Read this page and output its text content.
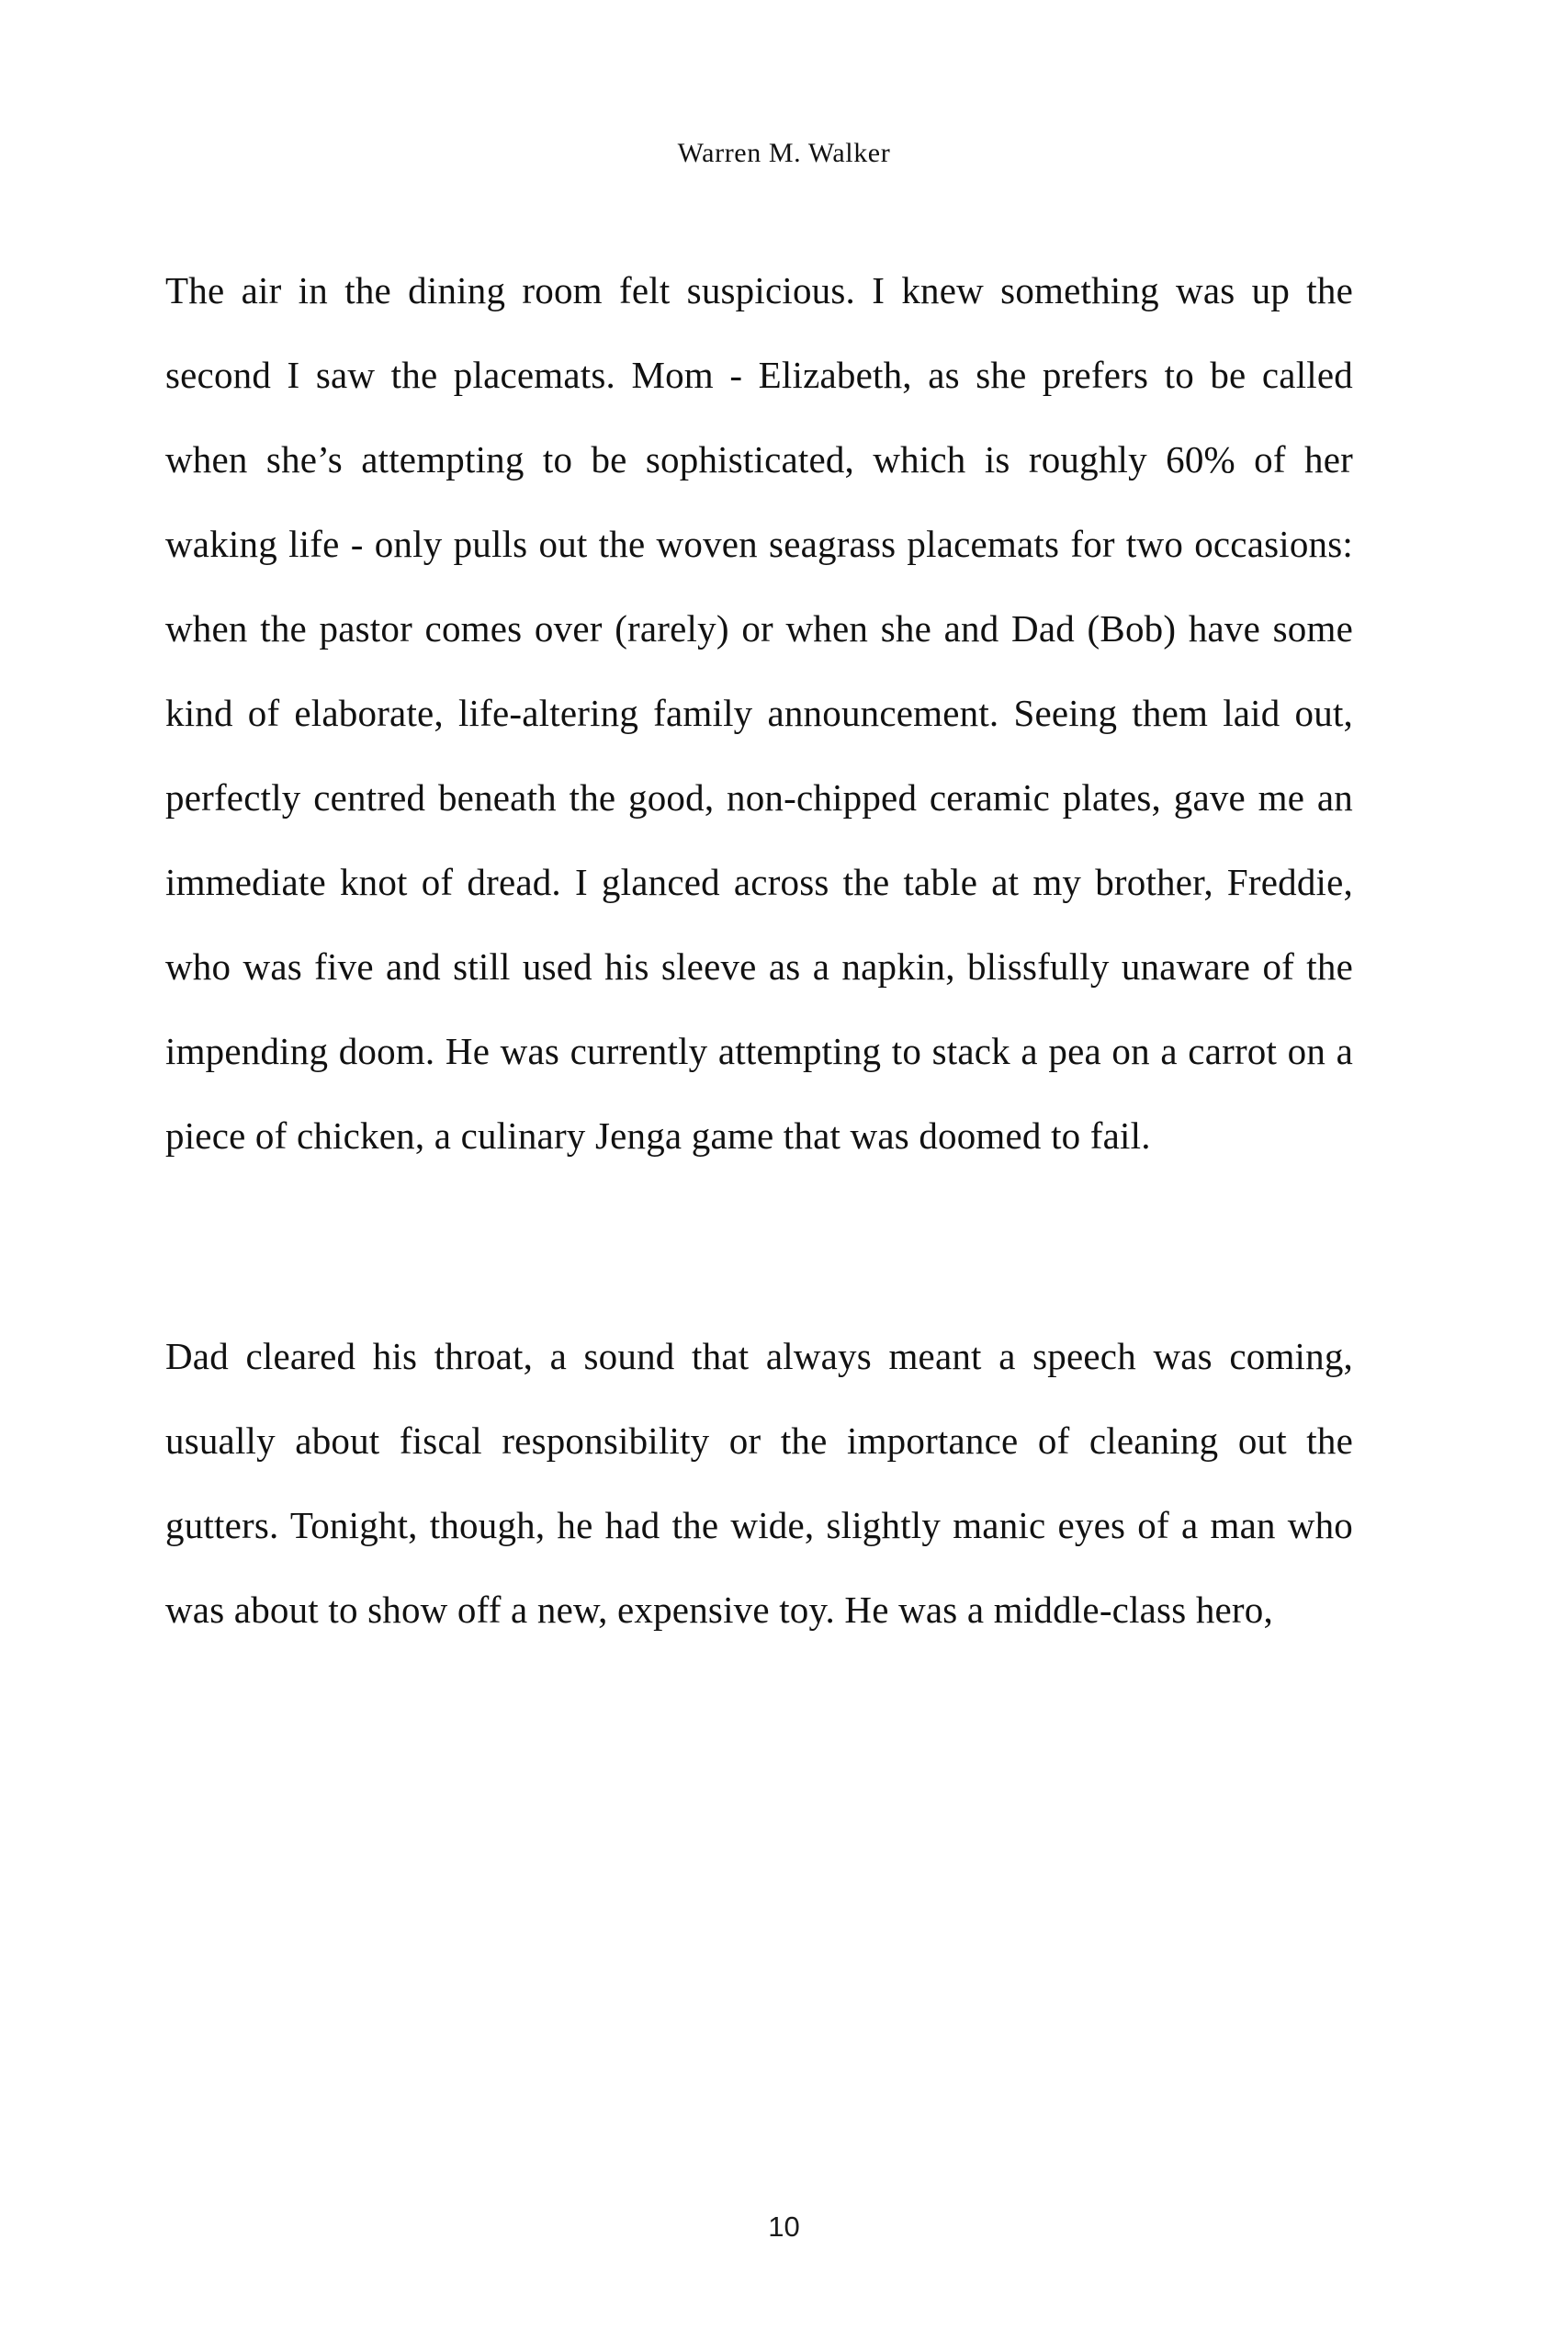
Warren M. Walker

The air in the dining room felt suspicious. I knew something was up the second I saw the placemats. Mom - Elizabeth, as she prefers to be called when she’s attempting to be sophisticated, which is roughly 60% of her waking life - only pulls out the woven seagrass placemats for two occasions: when the pastor comes over (rarely) or when she and Dad (Bob) have some kind of elaborate, life-altering family announcement. Seeing them laid out, perfectly centred beneath the good, non-chipped ceramic plates, gave me an immediate knot of dread. I glanced across the table at my brother, Freddie, who was five and still used his sleeve as a napkin, blissfully unaware of the impending doom. He was currently attempting to stack a pea on a carrot on a piece of chicken, a culinary Jenga game that was doomed to fail.

Dad cleared his throat, a sound that always meant a speech was coming, usually about fiscal responsibility or the importance of cleaning out the gutters. Tonight, though, he had the wide, slightly manic eyes of a man who was about to show off a new, expensive toy. He was a middle-class hero,

10
